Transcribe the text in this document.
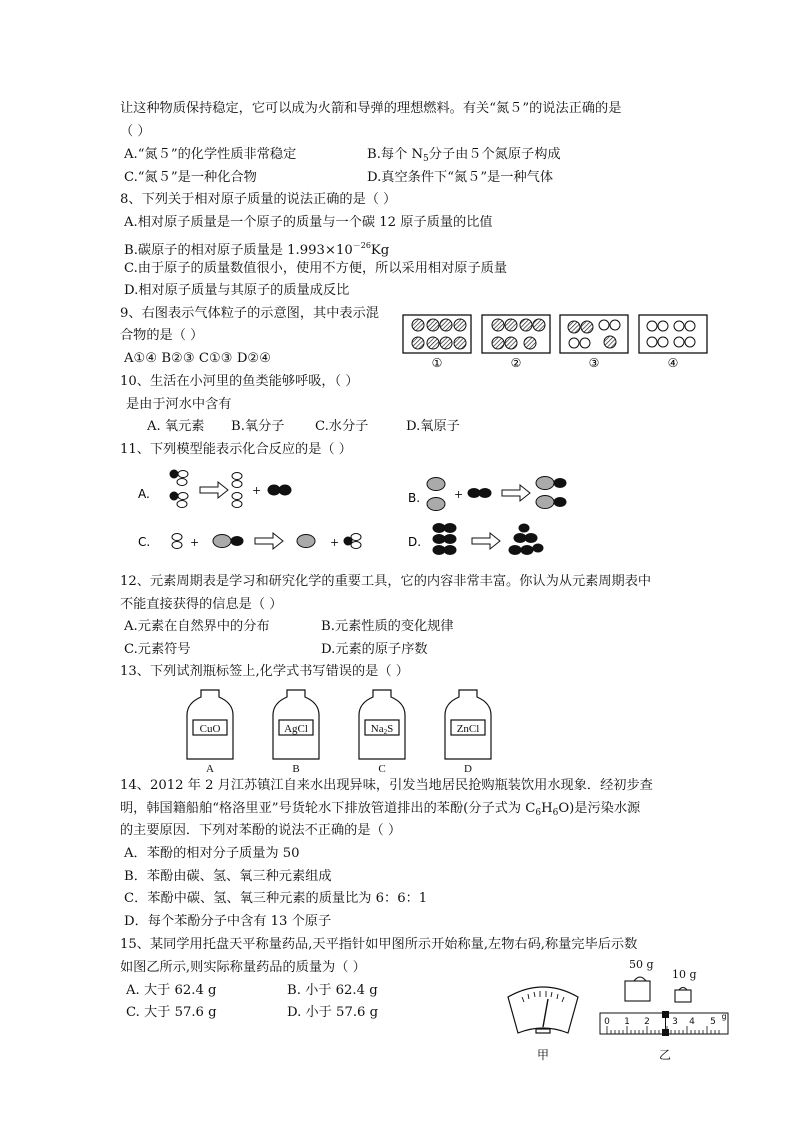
让这种物质保持稳定，它可以成为火箭和导弹的理想燃料。有关“氮５”的说法正确的是
（ ）
A.“氮５”的化学性质非常稳定	B.每个 $N_5$分子由５个氮原子构成
C.“氮５”是一种化合物	D.真空条件下“氮５”是一种气体
8、下列关于相对原子质量的说法正确的是（ ）
A.相对原子质量是一个原子的质量与一个碳 12 原子质量的比值
B.碳原子的相对原子质量是 $1.993\times 10^{-26}Kg$
C.由于原子的质量数值很小，使用不方便，所以采用相对原子质量
D.相对原子质量与其原子的质量成反比
9、右图表示气体粒子的示意图，其中表示混
合物的是（ ）
A①④ B②③ C①③ D②④	①	②	③	④
10、生活在小河里的鱼类能够呼吸，（ ）
是由于河水中含有
A. 氧元素 B.氧分子 C.水分子	D.氧原子
11、下列模型能表示化合反应的是（ ）
A.	+
B.	+
C.	+	+	D.
12、元素周期表是学习和研究化学的重要工具，它的内容非常丰富。你认为从元素周期表中
不能直接获得的信息是（ ）
A.元素在自然界中的分布	B.元素性质的变化规律
C.元素符号	D.元素的原子序数
13、下列试剂瓶标签上,化学式书写错误的是（ ）
CuO	AgCl	Na2S	ZnCl
A	B	C	D
14、2012 年 2 月江苏镇江自来水出现异味，引发当地居民抢购瓶装饮用水现象．经初步查
明，韩国籍船舶“格洛里亚”号货轮水下排放管道排出的苯酚(分子式为 $C_6H_6O$)是污染水源
的主要原因．下列对苯酚的说法不正确的是（ ）
A．苯酚的相对分子质量为 50
B．苯酚由碳、氢、氧三种元素组成
C．苯酚中碳、氢、氧三种元素的质量比为 6：6：1
D．每个苯酚分子中含有 13 个原子
15、某同学用托盘天平称量药品,天平指针如甲图所示开始称量,左物右码,称量完毕后示数
如图乙所示,则实际称量药品的质量为（ ）
A. 大于 62.4 g	B. 小于 62.4 g
C. 大于 57.6 g	D. 小于 57.6 g
甲
50 g
10 g
0 1 2 3 4 5
g
乙
